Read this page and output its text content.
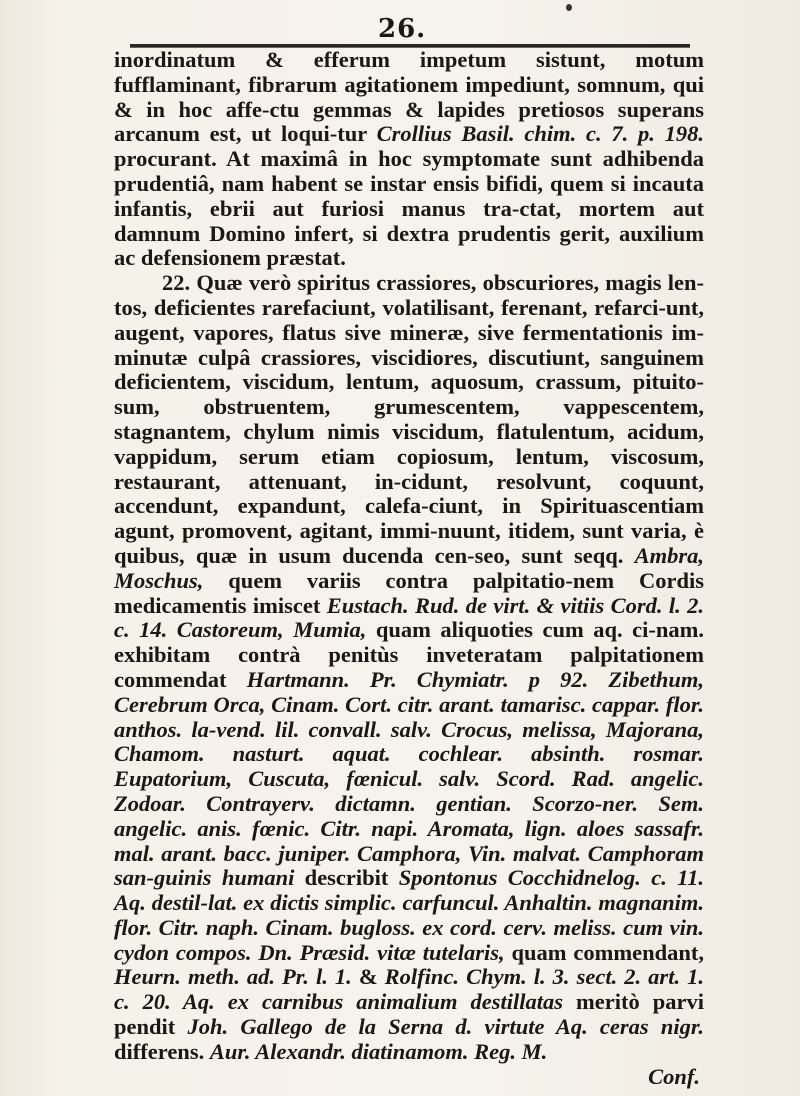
26.

inordinatum & efferum impetum sistunt, motum fufflaminant, fibrarum agitationem impediunt, somnum, qui & in hoc affe-ctu gemmas & lapides pretiosos superans arcanum est, ut loqui-tur Crollius Basil. chim. c. 7. p. 198. procurant. At maximâ in hoc symptomate sunt adhibenda prudentiâ, nam habent se instar ensis bifidi, quem si incauta infantis, ebrii aut furiosi manus tra-ctat, mortem aut damnum Domino infert, si dextra prudentis gerit, auxilium ac defensionem præstat.

22. Quæ verò spiritus crassiores, obscuriores, magis len-tos, deficientes rarefaciunt, volatilisant, ferenant, refarci-unt, augent, vapores, flatus sive mineræ, sive fermentationis im-minutæ culpâ crassiores, viscidiores, discutiunt, sanguinem deficientem, viscidum, lentum, aquosum, crassum, pituito-sum, obstruentem, grumescentem, vappescentem, stagnantem, chylum nimis viscidum, flatulentum, acidum, vappidum, serum etiam copiosum, lentum, viscosum, restaurant, attenuant, in-cidunt, resolvunt, coquunt, accendunt, expandunt, calefa-ciunt, in Spirituascentiam agunt, promovent, agitant, immi-nuunt, itidem, sunt varia, è quibus, quæ in usum ducenda cen-seo, sunt seqq. Ambra, Moschus, quem variis contra palpitatio-nem Cordis medicamentis imiscet Eustach. Rud. de virt. & vitiis Cord. l. 2. c. 14. Castoreum, Mumia, quam aliquoties cum aq. ci-nam. exhibitam contrà penitùs inveteratam palpitationem commendat Hartmann. Pr. Chymiatr. p 92. Zibethum, Cerebrum Orca, Cinam. Cort. citr. arant. tamarisc. cappar. flor. anthos. la-vend. lil. convall. salv. Crocus, melissa, Majorana, Chamom. nasturt. aquat. cochlear. absinth. rosmar. Eupatorium, Cuscuta, fœnicul. salv. Scord. Rad. angelic. Zodoar. Contrayerv. dictamn. gentian. Scorzo-ner. Sem. angelic. anis. fœnic. Citr. napi. Aromata, lign. aloes sassafr. mal. arant. bacc. juniper. Camphora, Vin. malvat. Camphoram san-guinis humani describit Spontonus Cocchidnelog. c. 11. Aq. destil-lat. ex dictis simplic. carfuncul. Anhaltin. magnanim. flor. Citr. naph. Cinam. bugloss. ex cord. cerv. meliss. cum vin. cydon compos. Dn. Præsid. vitæ tutelaris, quam commendant, Heurn. meth. ad. Pr. l. 1. & Rolfinc. Chym. l. 3. sect. 2. art. 1. c. 20. Aq. ex carnibus animalium destillatas meritò parvi pendit Joh. Gallego de la Serna d. virtute Aq. ceras nigr. differens. Aur. Alexandr. diatinamom. Reg. M.

Conf.
